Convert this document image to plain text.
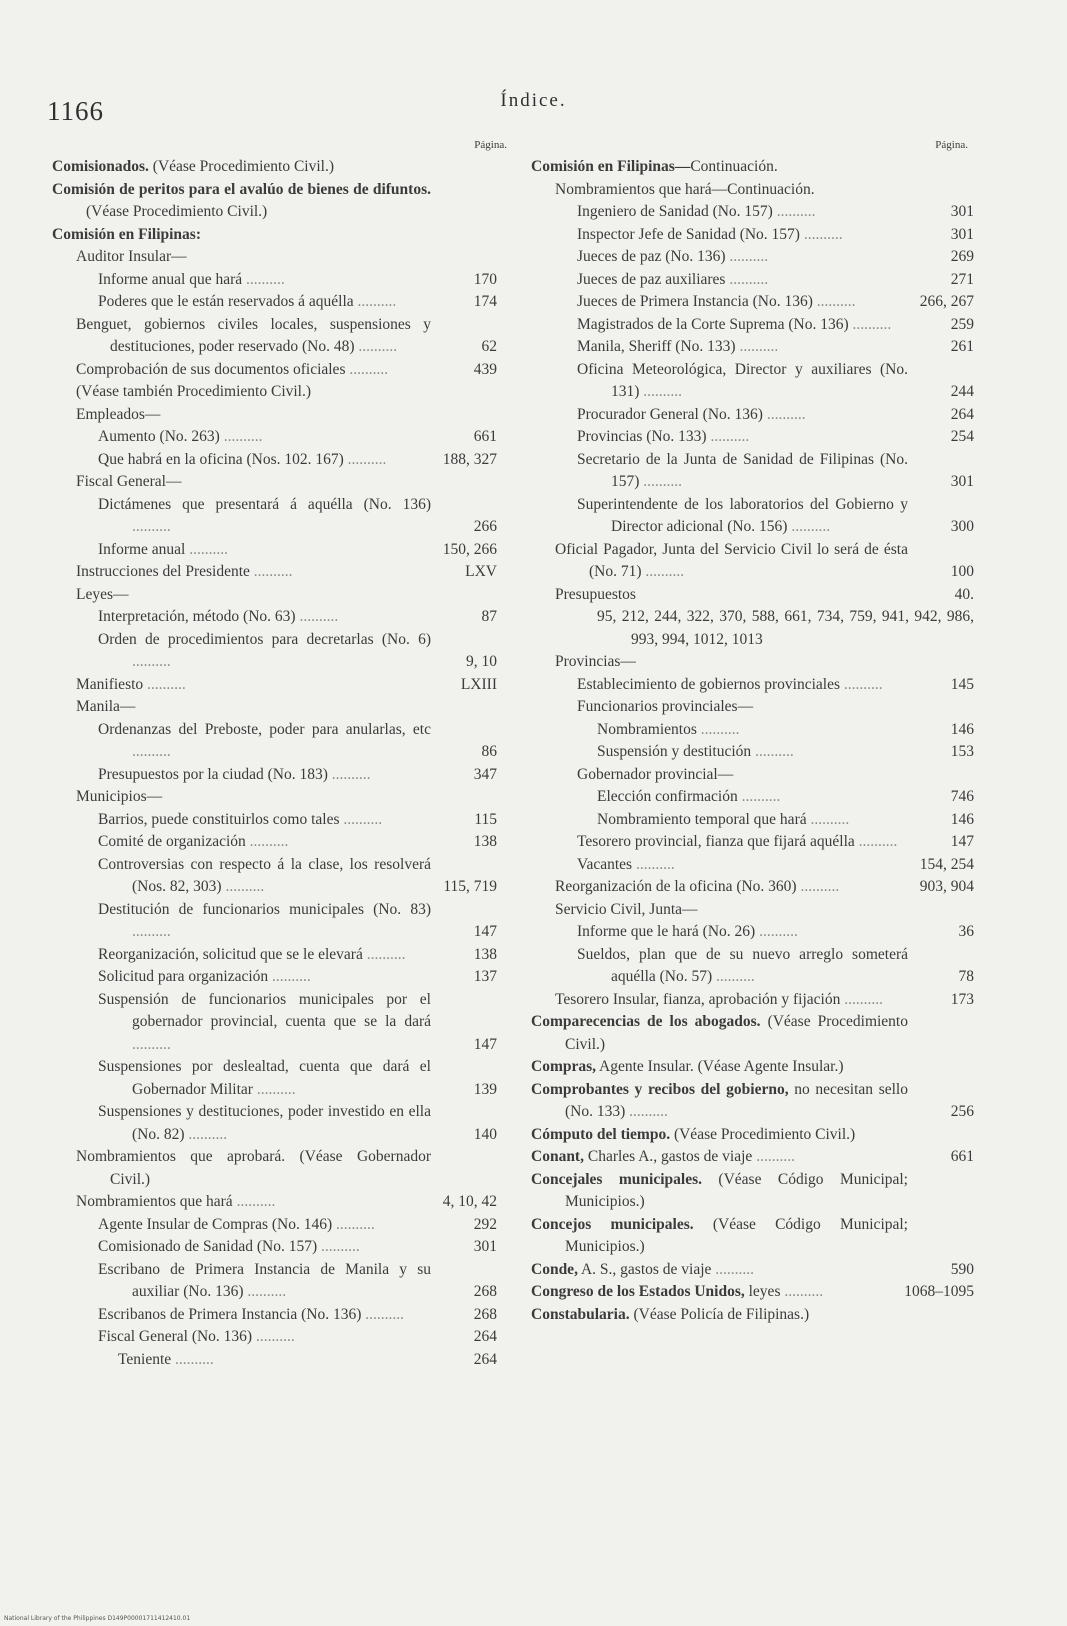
1166	Índice.
Página.
Comisionados. (Véase Procedimiento Civil.)
Comisión de peritos para el avalúo de bienes de difuntos. (Véase Procedimiento Civil.)
Comisión en Filipinas:
Auditor Insular—
Informe anual que hará ..........	170
Poderes que le están reservados á aquélla ..........	174
Benguet, gobiernos civiles locales, suspensiones y destituciones, poder reservado (No. 48) ..........	62
Comprobación de sus documentos oficiales ..........	439
(Véase también Procedimiento Civil.)
Empleados—
Aumento (No. 263) ..........	661
Que habrá en la oficina (Nos. 102. 167) ..........	188, 327
Fiscal General—
Dictámenes que presentará á aquélla (No. 136) ..........	266
Informe anual ..........	150, 266
Instrucciones del Presidente ..........	LXV
Leyes—
Interpretación, método (No. 63) ..........	87
Orden de procedimientos para decretarlas (No. 6) ..........	9, 10
Manifiesto ..........	LXIII
Manila—
Ordenanzas del Preboste, poder para anularlas, etc ..........	86
Presupuestos por la ciudad (No. 183) ..........	347
Municipios—
Barrios, puede constituirlos como tales ..........	115
Comité de organización ..........	138
Controversias con respecto á la clase, los resolverá (Nos. 82, 303) ..........	115, 719
Destitución de funcionarios municipales (No. 83) ..........	147
Reorganización, solicitud que se le elevará ..........	138
Solicitud para organización ..........	137
Suspensión de funcionarios municipales por el gobernador provincial, cuenta que se la dará ..........	147
Suspensiones por deslealtad, cuenta que dará el Gobernador Militar ..........	139
Suspensiones y destituciones, poder investido en ella (No. 82) ..........	140
Nombramientos que aprobará. (Véase Gobernador Civil.)
Nombramientos que hará ..........	4, 10, 42
Agente Insular de Compras (No. 146) ..........	292
Comisionado de Sanidad (No. 157) ..........	301
Escribano de Primera Instancia de Manila y su auxiliar (No. 136) ..........	268
Escribanos de Primera Instancia (No. 136) ..........	268
Fiscal General (No. 136) ..........	264
Teniente ..........	264
Página.
Comisión en Filipinas—Continuación.
Nombramientos que hará—Continuación.
Ingeniero de Sanidad (No. 157) ..........	301
Inspector Jefe de Sanidad (No. 157) ..........	301
Jueces de paz (No. 136) ..........	269
Jueces de paz auxiliares ..........	271
Jueces de Primera Instancia (No. 136) ..........	266, 267
Magistrados de la Corte Suprema (No. 136) ..........	259
Manila, Sheriff (No. 133) ..........	261
Oficina Meteorológica, Director y auxiliares (No. 131) ..........	244
Procurador General (No. 136) ..........	264
Provincias (No. 133) ..........	254
Secretario de la Junta de Sanidad de Filipinas (No. 157) ..........	301
Superintendente de los laboratorios del Gobierno y Director adicional (No. 156) ..........	300
Oficial Pagador, Junta del Servicio Civil lo será de ésta (No. 71) ..........	100
Presupuestos	40.
95, 212, 244, 322, 370, 588, 661, 734, 759, 941, 942, 986, 993, 994, 1012, 1013
Provincias—
Establecimiento de gobiernos provinciales ..........	145
Funcionarios provinciales—
Nombramientos ..........	146
Suspensión y destitución ..........	153
Gobernador provincial—
Elección confirmación ..........	746
Nombramiento temporal que hará ..........	146
Tesorero provincial, fianza que fijará aquélla ..........	147
Vacantes ..........	154, 254
Reorganización de la oficina (No. 360) ..........	903, 904
Servicio Civil, Junta—
Informe que le hará (No. 26) ..........	36
Sueldos, plan que de su nuevo arreglo someterá aquélla (No. 57) ..........	78
Tesorero Insular, fianza, aprobación y fijación ..........	173
Comparecencias de los abogados. (Véase Procedimiento Civil.)
Compras, Agente Insular. (Véase Agente Insular.)
Comprobantes y recibos del gobierno, no necesitan sello (No. 133) ..........	256
Cómputo del tiempo. (Véase Procedimiento Civil.)
Conant, Charles A., gastos de viaje ..........	661
Concejales municipales. (Véase Código Municipal; Municipios.)
Concejos municipales. (Véase Código Municipal; Municipios.)
Conde, A. S., gastos de viaje ..........	590
Congreso de los Estados Unidos, leyes ..........	1068–1095
Constabularia. (Véase Policía de Filipinas.)
National Library of the Philippines D149P00001711412410.01
